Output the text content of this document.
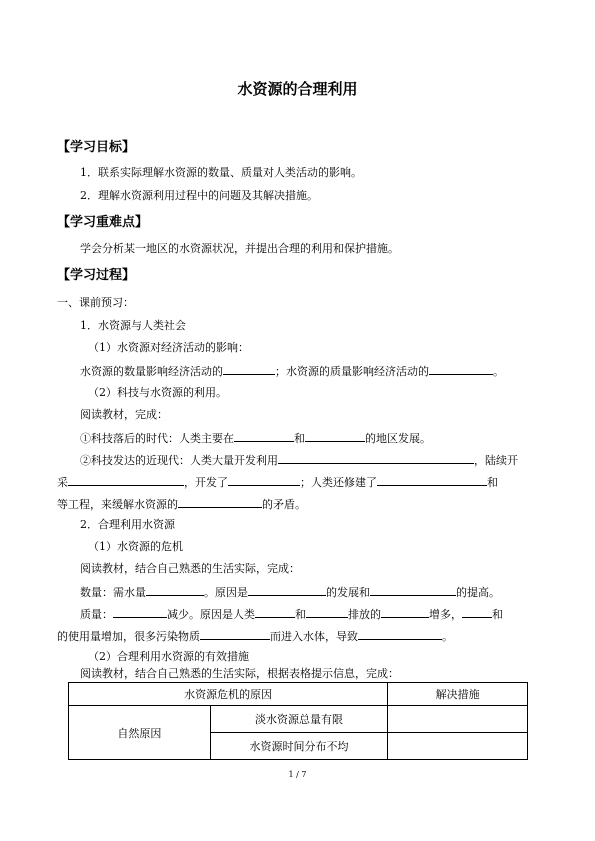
水资源的合理利用
【学习目标】
1．联系实际理解水资源的数量、质量对人类活动的影响。
2．理解水资源利用过程中的问题及其解决措施。
【学习重难点】
学会分析某一地区的水资源状况，并提出合理的利用和保护措施。
【学习过程】
一、课前预习：
1．水资源与人类社会
（1）水资源对经济活动的影响：
水资源的数量影响经济活动的	；水资源的质量影响经济活动的	。
（2）科技与水资源的利用。
阅读教材，完成：
①科技落后的时代：人类主要在	和	的地区发展。
②科技发达的近现代：人类大量开发利用	，陆续开
采	，开发了	；人类还修建了	和
等工程，来缓解水资源的	的矛盾。
2．合理利用水资源
（1）水资源的危机
阅读教材，结合自己熟悉的生活实际，完成：
数量：需水量	。原因是	的发展和	的提高。
质量：	减少。原因是人类	和	排放的	增多，	和
的使用量增加，很多污染物质	而进入水体，导致	。
（2）合理利用水资源的有效措施
阅读教材，结合自己熟悉的生活实际，根据表格提示信息，完成：
水资源危机的原因		解决措施
自然原因	淡水资源总量有限	
	水资源时间分布不均	
1 / 7
